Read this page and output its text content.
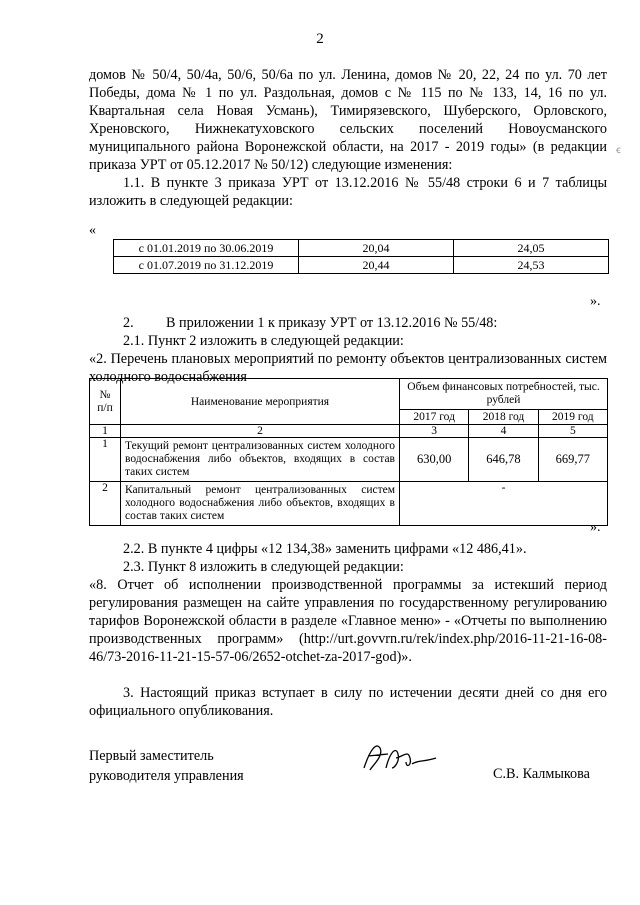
2
домов № 50/4, 50/4а, 50/6, 50/6а по ул. Ленина, домов № 20, 22, 24 по ул. 70 лет Победы, дома № 1 по ул. Раздольная, домов с № 115 по № 133, 14, 16 по ул. Квартальная села Новая Усмань), Тимирязевского, Шуберского, Орловского, Хреновского, Нижнекатуховского сельских поселений Новоусманского муниципального района Воронежской области, на 2017 - 2019 годы» (в редакции приказа УРТ от 05.12.2017 № 50/12) следующие изменения:
ꞓ
1.1. В пункте 3 приказа УРТ от 13.12.2016 № 55/48 строки 6 и 7 таблицы изложить в следующей редакции:
«
с 01.01.2019 по 30.06.2019	20,04	24,05
с 01.07.2019 по 31.12.2019	20,44	24,53
».
2.	В приложении 1 к приказу УРТ от 13.12.2016 № 55/48:
2.1. Пункт 2 изложить в следующей редакции:
«2. Перечень плановых мероприятий по ремонту объектов централизованных систем холодного водоснабжения
№ п/п	Наименование мероприятия	Объем финансовых потребностей, тыс. рублей		
		2017 год	2018 год	2019 год
1	2	3	4	5
1	Текущий ремонт централизованных систем холодного водоснабжения либо объектов, входящих в состав таких систем	630,00	646,78	669,77
2	Капитальный ремонт централизованных систем холодного водоснабжения либо объектов, входящих в состав таких систем	-		
».
2.2. В пункте 4 цифры «12 134,38» заменить цифрами «12 486,41».
2.3. Пункт 8 изложить в следующей редакции:
«8. Отчет об исполнении производственной программы за истекший период регулирования размещен на сайте управления по государственному регулированию тарифов Воронежской области в разделе «Главное меню» - «Отчеты по выполнению производственных программ» (http://urt.govvrn.ru/rek/index.php/2016-11-21-16-08-46/73-2016-11-21-15-57-06/2652-otchet-za-2017-god)».
3. Настоящий приказ вступает в силу по истечении десяти дней со дня его официального опубликования.
Первый заместитель
руководителя управления	С.В. Калмыкова
